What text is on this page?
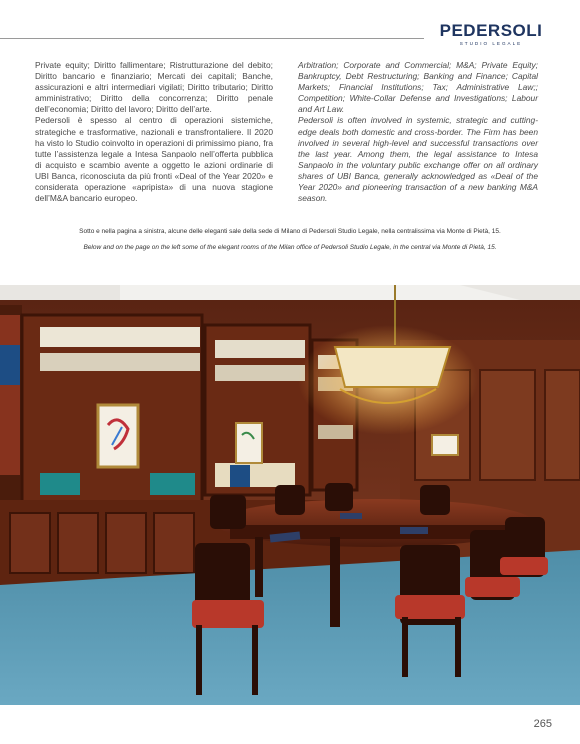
PEDERSOLI
STUDIO LEGALE

Private equity; Diritto fallimentare; Ristrutturazione del debito; Diritto bancario e finanziario; Mercati dei capitali; Banche, assicurazioni e altri intermediari vigilati; Diritto tributario; Diritto amministrativo; Diritto della concorrenza; Diritto penale dell’economia; Diritto del lavoro; Diritto dell’arte.

Pedersoli è spesso al centro di operazioni sistemiche, strategiche e trasformative, nazionali e transfrontaliere. Il 2020 ha visto lo Studio coinvolto in operazioni di primissimo piano, fra tutte l’assistenza legale a Intesa Sanpaolo nell’offerta pubblica di acquisto e scambio avente a oggetto le azioni ordinarie di UBI Banca, riconosciuta da più fronti «Deal of the Year 2020» e considerata operazione «apripista» di una nuova stagione dell’M&A bancario europeo.

Arbitration; Corporate and Commercial; M&A; Private Equity; Bankruptcy, Debt Restructuring; Banking and Finance; Capital Markets; Financial Institutions; Tax; Administrative Law;; Competition; White-Collar Defense and Investigations; Labour and Art Law.

Pedersoli is often involved in systemic, strategic and cutting-edge deals both domestic and cross-border. The Firm has been involved in several high-level and successful transactions over the last year. Among them, the legal assistance to Intesa Sanpaolo in the voluntary public exchange offer on all ordinary shares of UBI Banca, generally acknowledged as «Deal of the Year 2020» and pioneering transaction of a new banking M&A season.

Sotto e nella pagina a sinistra, alcune delle eleganti sale della sede di Milano di Pedersoli Studio Legale, nella centralissima via Monte di Pietà, 15.
Below and on the page on the left some of the elegant rooms of the Milan office of Pedersoli Studio Legale, in the central via Monte di Pietà, 15.
265
